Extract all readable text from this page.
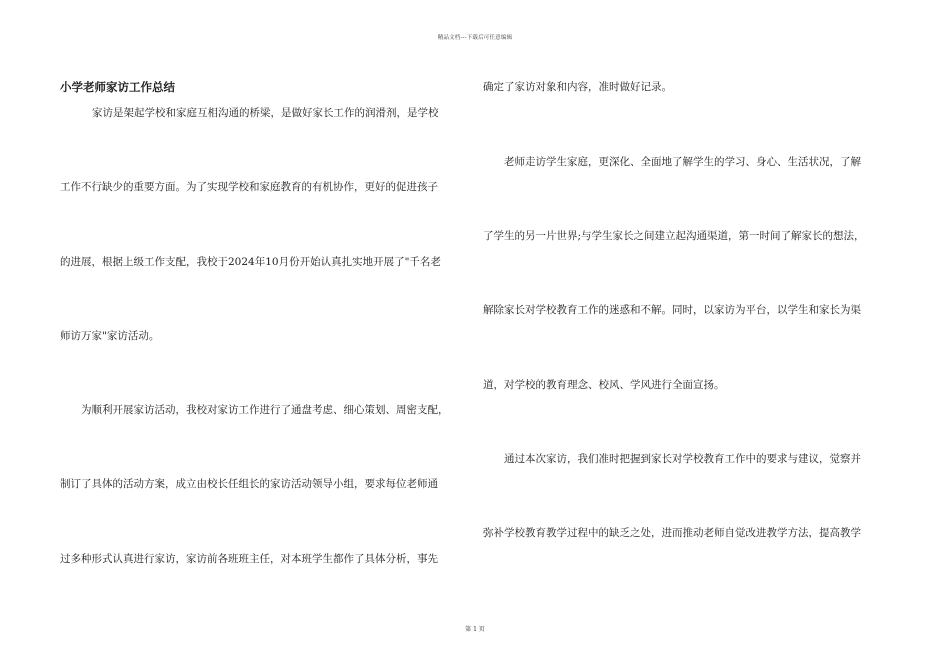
精品文档---下载后可任意编辑
小学老师家访工作总结
家访是架起学校和家庭互相沟通的桥梁，是做好家长工作的润滑剂，是学校
工作不行缺少的重要方面。为了实现学校和家庭教育的有机协作，更好的促进孩子
的进展，根据上级工作支配，我校于2024年10月份开始认真扎实地开展了"千名老
师访万家"家访活动。
为顺利开展家访活动，我校对家访工作进行了通盘考虑、细心策划、周密支配，
制订了具体的活动方案，成立由校长任组长的家访活动领导小组，要求每位老师通
过多种形式认真进行家访，家访前各班班主任，对本班学生都作了具体分析，事先
确定了家访对象和内容，准时做好记录。
老师走访学生家庭，更深化、全面地了解学生的学习、身心、生活状况，了解
了学生的另一片世界;与学生家长之间建立起沟通渠道，第一时间了解家长的想法，
解除家长对学校教育工作的迷惑和不解。同时，以家访为平台，以学生和家长为渠
道，对学校的教育理念、校风、学风进行全面宣扬。
通过本次家访，我们准时把握到家长对学校教育工作中的要求与建议，觉察并
弥补学校教育教学过程中的缺乏之处，进而推动老师自觉改进教学方法，提高教学
第 1 页
